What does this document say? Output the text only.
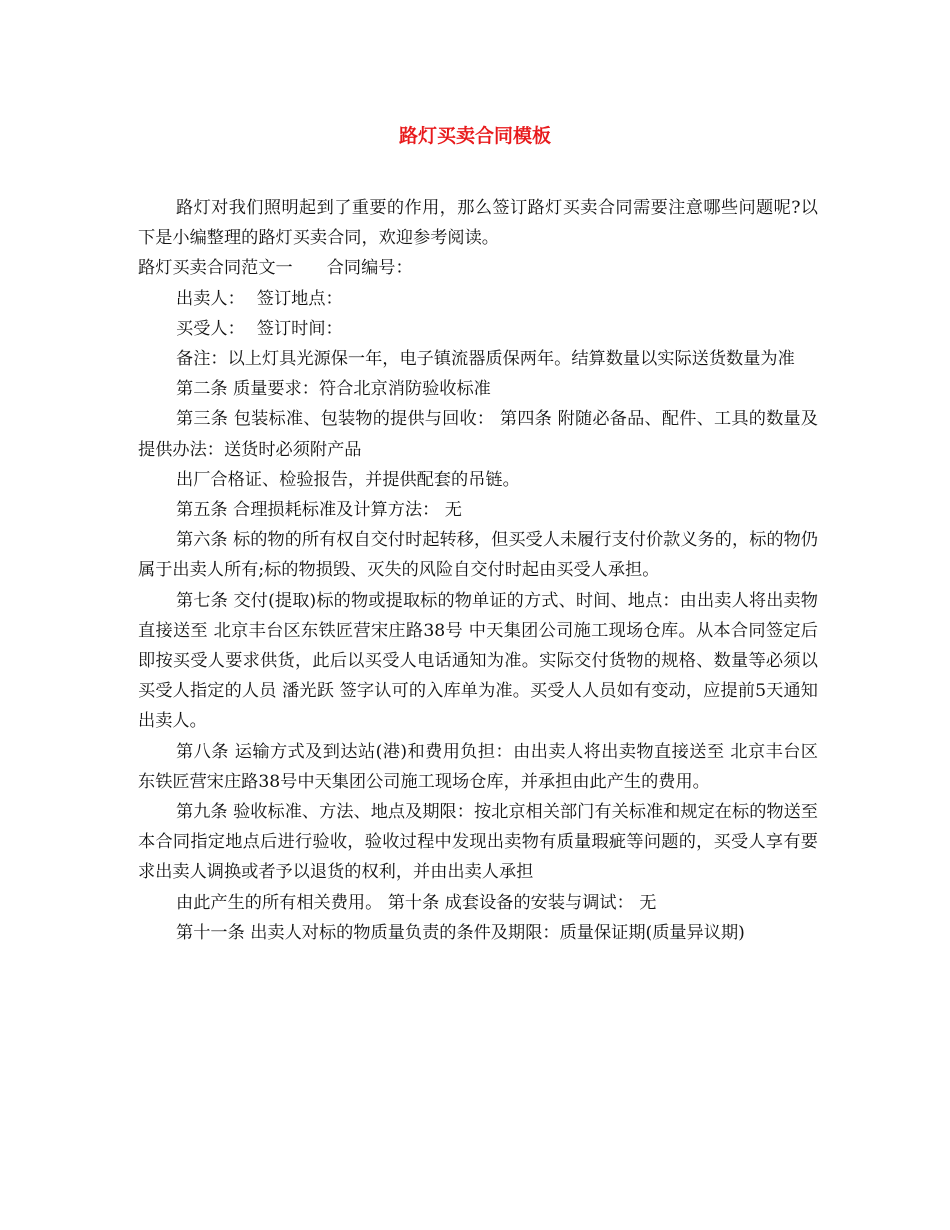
路灯买卖合同模板

路灯对我们照明起到了重要的作用，那么签订路灯买卖合同需要注意哪些问题呢?以下是小编整理的路灯买卖合同，欢迎参考阅读。

路灯买卖合同范文一 合同编号：

出卖人： 签订地点：

买受人： 签订时间：

备注：以上灯具光源保一年，电子镇流器质保两年。结算数量以实际送货数量为准

第二条 质量要求：符合北京消防验收标准

第三条 包装标准、包装物的提供与回收： 第四条 附随必备品、配件、工具的数量及提供办法：送货时必须附产品

出厂合格证、检验报告，并提供配套的吊链。

第五条 合理损耗标准及计算方法： 无

第六条 标的物的所有权自交付时起转移，但买受人未履行支付价款义务的，标的物仍属于出卖人所有;标的物损毁、灭失的风险自交付时起由买受人承担。

第七条 交付(提取)标的物或提取标的物单证的方式、时间、地点：由出卖人将出卖物直接送至 北京丰台区东铁匠营宋庄路38号 中天集团公司施工现场仓库。从本合同签定后即按买受人要求供货，此后以买受人电话通知为准。实际交付货物的规格、数量等必须以买受人指定的人员 潘光跃 签字认可的入库单为准。买受人人员如有变动，应提前5天通知出卖人。

第八条 运输方式及到达站(港)和费用负担：由出卖人将出卖物直接送至 北京丰台区东铁匠营宋庄路38号中天集团公司施工现场仓库，并承担由此产生的费用。

第九条 验收标准、方法、地点及期限：按北京相关部门有关标准和规定在标的物送至本合同指定地点后进行验收，验收过程中发现出卖物有质量瑕疵等问题的，买受人享有要求出卖人调换或者予以退货的权利，并由出卖人承担

由此产生的所有相关费用。 第十条 成套设备的安装与调试： 无

第十一条 出卖人对标的物质量负责的条件及期限：质量保证期(质量异议期)
